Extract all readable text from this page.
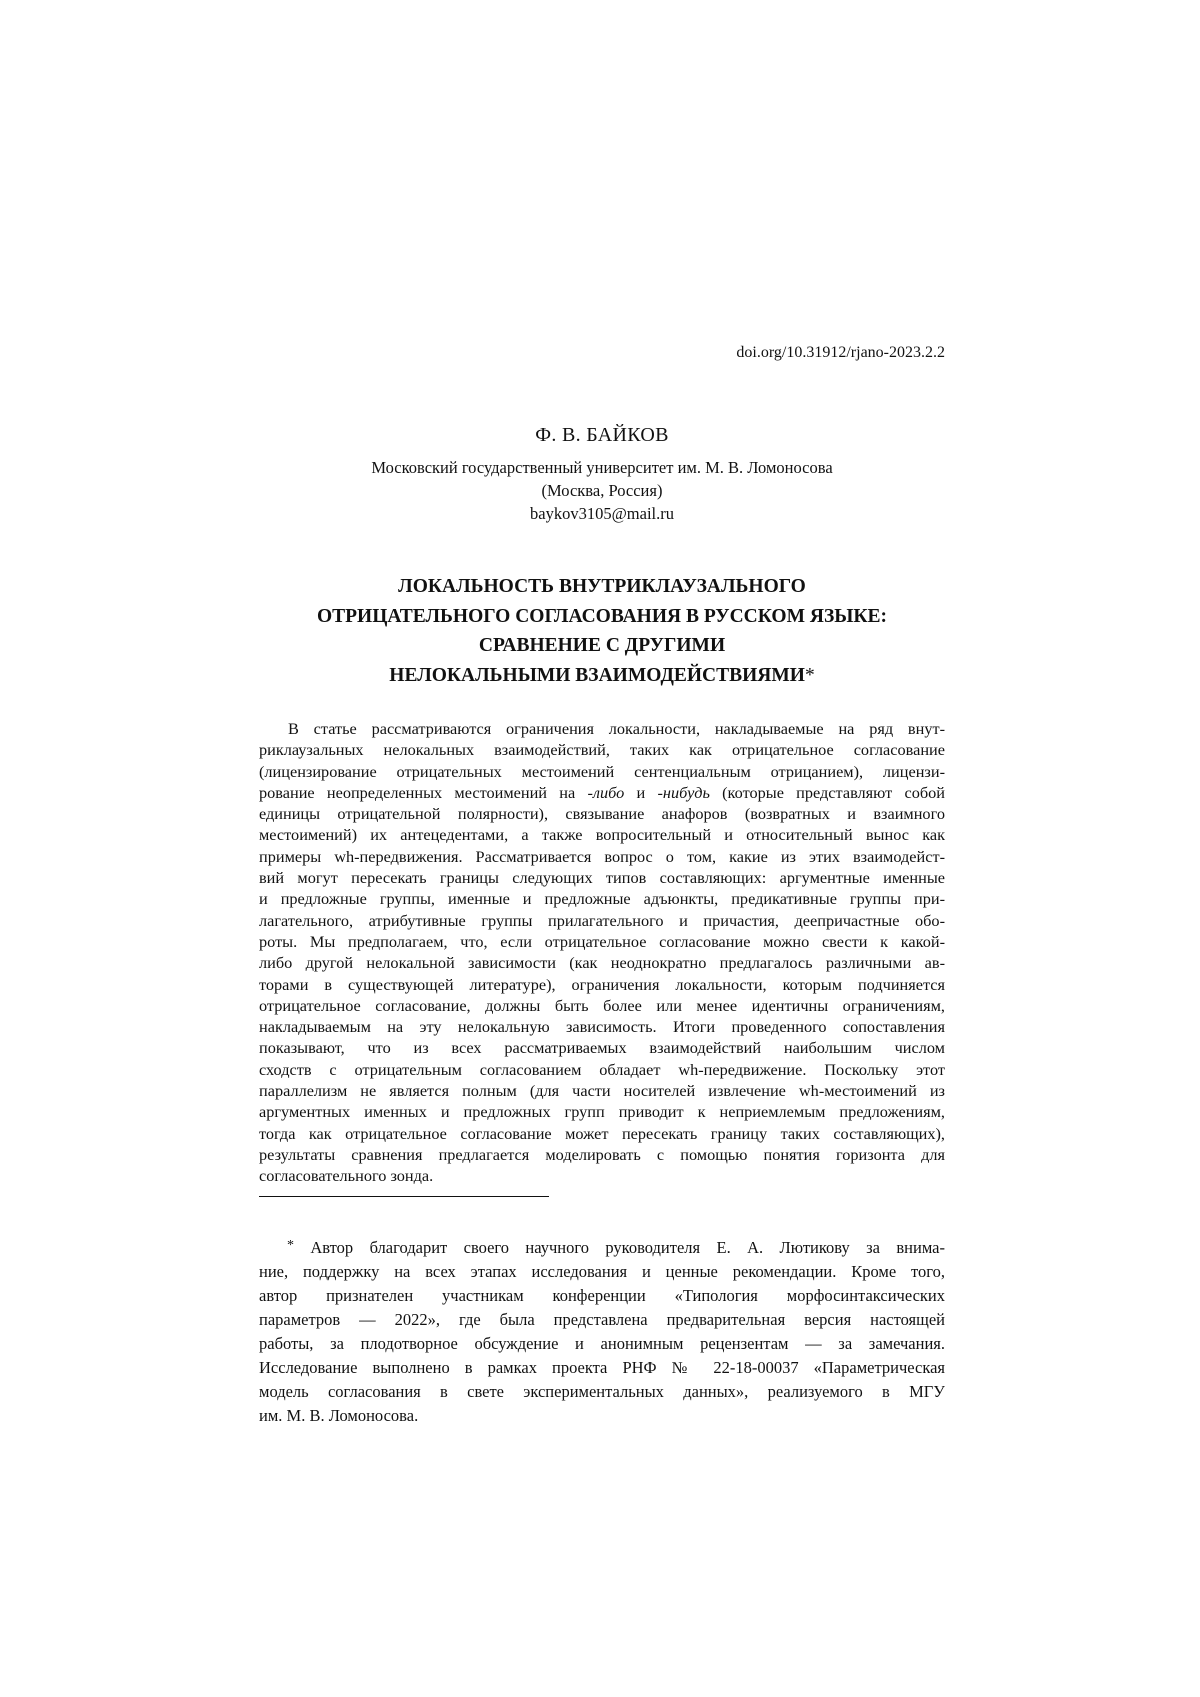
doi.org/10.31912/rjano-2023.2.2
Ф. В. БАЙКОВ
Московский государственный университет им. М. В. Ломоносова
(Москва, Россия)
baykov3105@mail.ru
ЛОКАЛЬНОСТЬ ВНУТРИКЛАУЗАЛЬНОГО
ОТРИЦАТЕЛЬНОГО СОГЛАСОВАНИЯ В РУССКОМ ЯЗЫКЕ:
СРАВНЕНИЕ С ДРУГИМИ
НЕЛОКАЛЬНЫМИ ВЗАИМОДЕЙСТВИЯМИ*
В статье рассматриваются ограничения локальности, накладываемые на ряд внут-
риклаузальных нелокальных взаимодействий, таких как отрицательное согласование
(лицензирование отрицательных местоимений сентенциальным отрицанием), лицензи-
рование неопределенных местоимений на -либо и -нибудь (которые представляют собой
единицы отрицательной полярности), связывание анафоров (возвратных и взаимного
местоимений) их антецедентами, а также вопросительный и относительный вынос как
примеры wh-передвижения. Рассматривается вопрос о том, какие из этих взаимодейст-
вий могут пересекать границы следующих типов составляющих: аргументные именные
и предложные группы, именные и предложные адъюнкты, предикативные группы при-
лагательного, атрибутивные группы прилагательного и причастия, деепричастные обо-
роты. Мы предполагаем, что, если отрицательное согласование можно свести к какой-
либо другой нелокальной зависимости (как неоднократно предлагалось различными ав-
торами в существующей литературе), ограничения локальности, которым подчиняется
отрицательное согласование, должны быть более или менее идентичны ограничениям,
накладываемым на эту нелокальную зависимость. Итоги проведенного сопоставления
показывают, что из всех рассматриваемых взаимодействий наибольшим числом
сходств с отрицательным согласованием обладает wh-передвижение. Поскольку этот
параллелизм не является полным (для части носителей извлечение wh-местоимений из
аргументных именных и предложных групп приводит к неприемлемым предложениям,
тогда как отрицательное согласование может пересекать границу таких составляющих),
результаты сравнения предлагается моделировать с помощью понятия горизонта для
согласовательного зонда.
* Автор благодарит своего научного руководителя Е. А. Лютикову за внима-
ние, поддержку на всех этапах исследования и ценные рекомендации. Кроме того,
автор признателен участникам конференции «Типология морфосинтаксических
параметров — 2022», где была представлена предварительная версия настоящей
работы, за плодотворное обсуждение и анонимным рецензентам — за замечания.
Исследование выполнено в рамках проекта РНФ № 22-18-00037 «Параметрическая
модель согласования в свете экспериментальных данных», реализуемого в МГУ
им. М. В. Ломоносова.
